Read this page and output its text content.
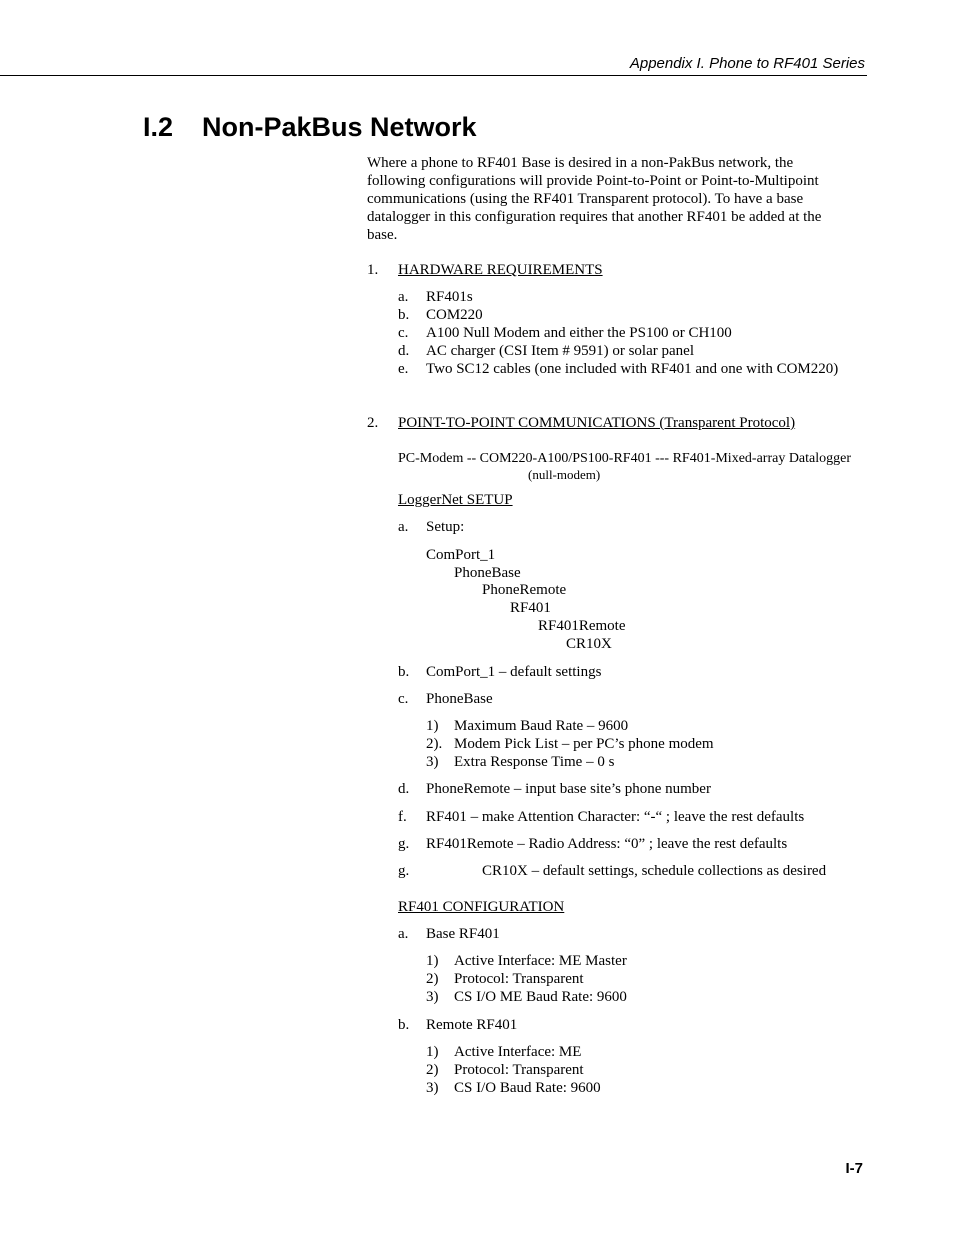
Appendix I. Phone to RF401 Series
I.2 Non-PakBus Network
Where a phone to RF401 Base is desired in a non-PakBus network, the
following configurations will provide Point-to-Point or Point-to-Multipoint
communications (using the RF401 Transparent protocol). To have a base
datalogger in this configuration requires that another RF401 be added at the
base.
1. HARDWARE REQUIREMENTS
a. RF401s
b. COM220
c. A100 Null Modem and either the PS100 or CH100
d. AC charger (CSI Item # 9591) or solar panel
e. Two SC12 cables (one included with RF401 and one with COM220)
2. POINT-TO-POINT COMMUNICATIONS (Transparent Protocol)
PC-Modem -- COM220-A100/PS100-RF401 --- RF401-Mixed-array Datalogger
(null-modem)
LoggerNet SETUP
a. Setup:
ComPort_1
PhoneBase
PhoneRemote
RF401
RF401Remote
CR10X
b. ComPort_1 – default settings
c. PhoneBase
1) Maximum Baud Rate – 9600
2). Modem Pick List – per PC’s phone modem
3) Extra Response Time – 0 s
d. PhoneRemote – input base site’s phone number
f. RF401 – make Attention Character: “-“ ; leave the rest defaults
g. RF401Remote – Radio Address: “0” ; leave the rest defaults
g.	CR10X – default settings, schedule collections as desired
RF401 CONFIGURATION
a. Base RF401
1) Active Interface: ME Master
2) Protocol: Transparent
3) CS I/O ME Baud Rate: 9600
b. Remote RF401
1) Active Interface: ME
2) Protocol: Transparent
3) CS I/O Baud Rate: 9600
I-7
